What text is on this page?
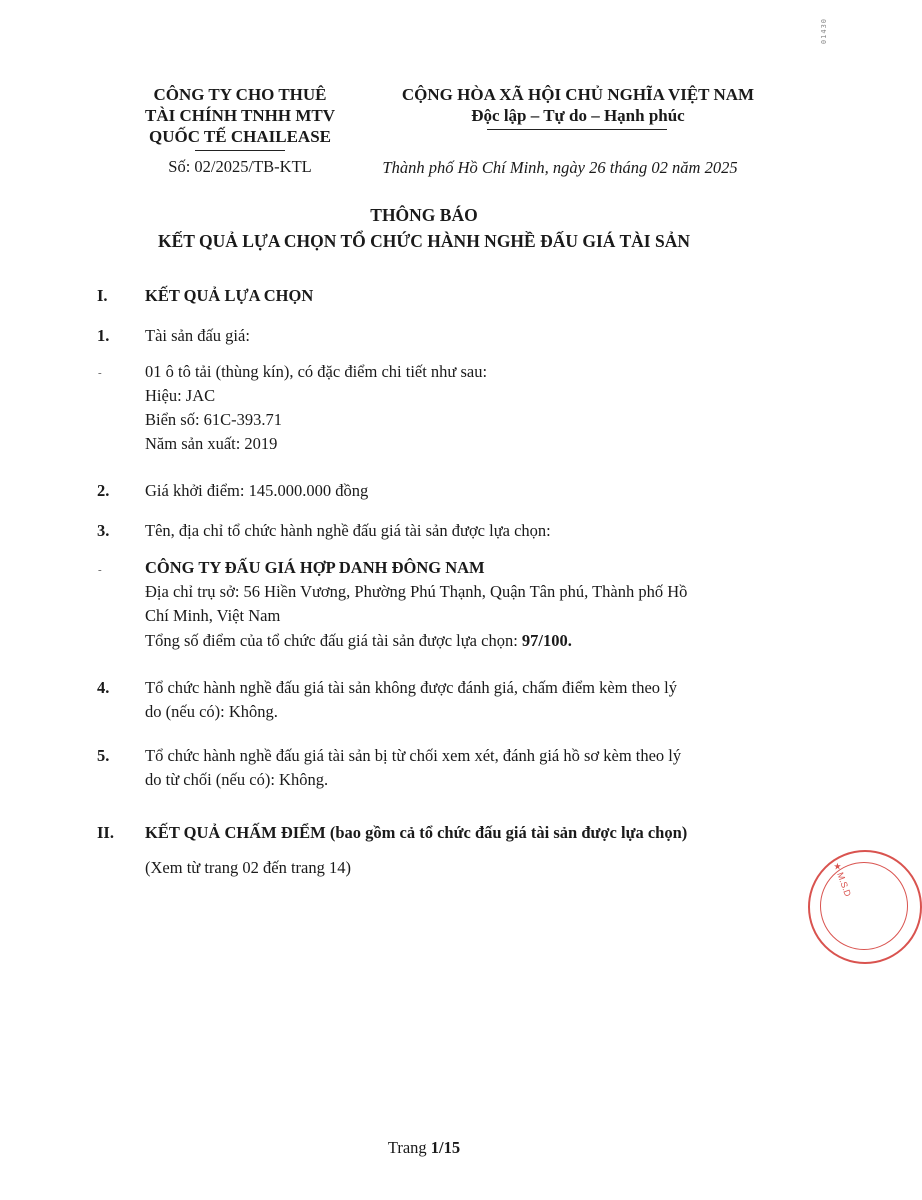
01430
CÔNG TY CHO THUÊ
TÀI CHÍNH TNHH MTV
QUỐC TẾ CHAILEASE
Số: 02/2025/TB-KTL
CỘNG HÒA XÃ HỘI CHỦ NGHĨA VIỆT NAM
Độc lập – Tự do – Hạnh phúc
Thành phố Hồ Chí Minh, ngày 26 tháng 02 năm 2025
THÔNG BÁO
KẾT QUẢ LỰA CHỌN TỔ CHỨC HÀNH NGHỀ ĐẤU GIÁ TÀI SẢN
I. KẾT QUẢ LỰA CHỌN
1. Tài sản đấu giá:
-	01 ô tô tải (thùng kín), có đặc điểm chi tiết như sau:
Hiệu: JAC
Biển số: 61C-393.71
Năm sản xuất: 2019
2. Giá khởi điểm: 145.000.000 đồng
3. Tên, địa chỉ tổ chức hành nghề đấu giá tài sản được lựa chọn:
-	CÔNG TY ĐẤU GIÁ HỢP DANH ĐÔNG NAM
Địa chỉ trụ sở: 56 Hiền Vương, Phường Phú Thạnh, Quận Tân phú, Thành phố Hồ
Chí Minh, Việt Nam
Tổng số điểm của tổ chức đấu giá tài sản được lựa chọn: 97/100.
4. Tổ chức hành nghề đấu giá tài sản không được đánh giá, chấm điểm kèm theo lý
do (nếu có): Không.
5. Tổ chức hành nghề đấu giá tài sản bị từ chối xem xét, đánh giá hồ sơ kèm theo lý
do từ chối (nếu có): Không.
II. KẾT QUẢ CHẤM ĐIỂM (bao gồm cả tổ chức đấu giá tài sản được lựa chọn)
(Xem từ trang 02 đến trang 14)	★ M.S.D
Trang 1/15
